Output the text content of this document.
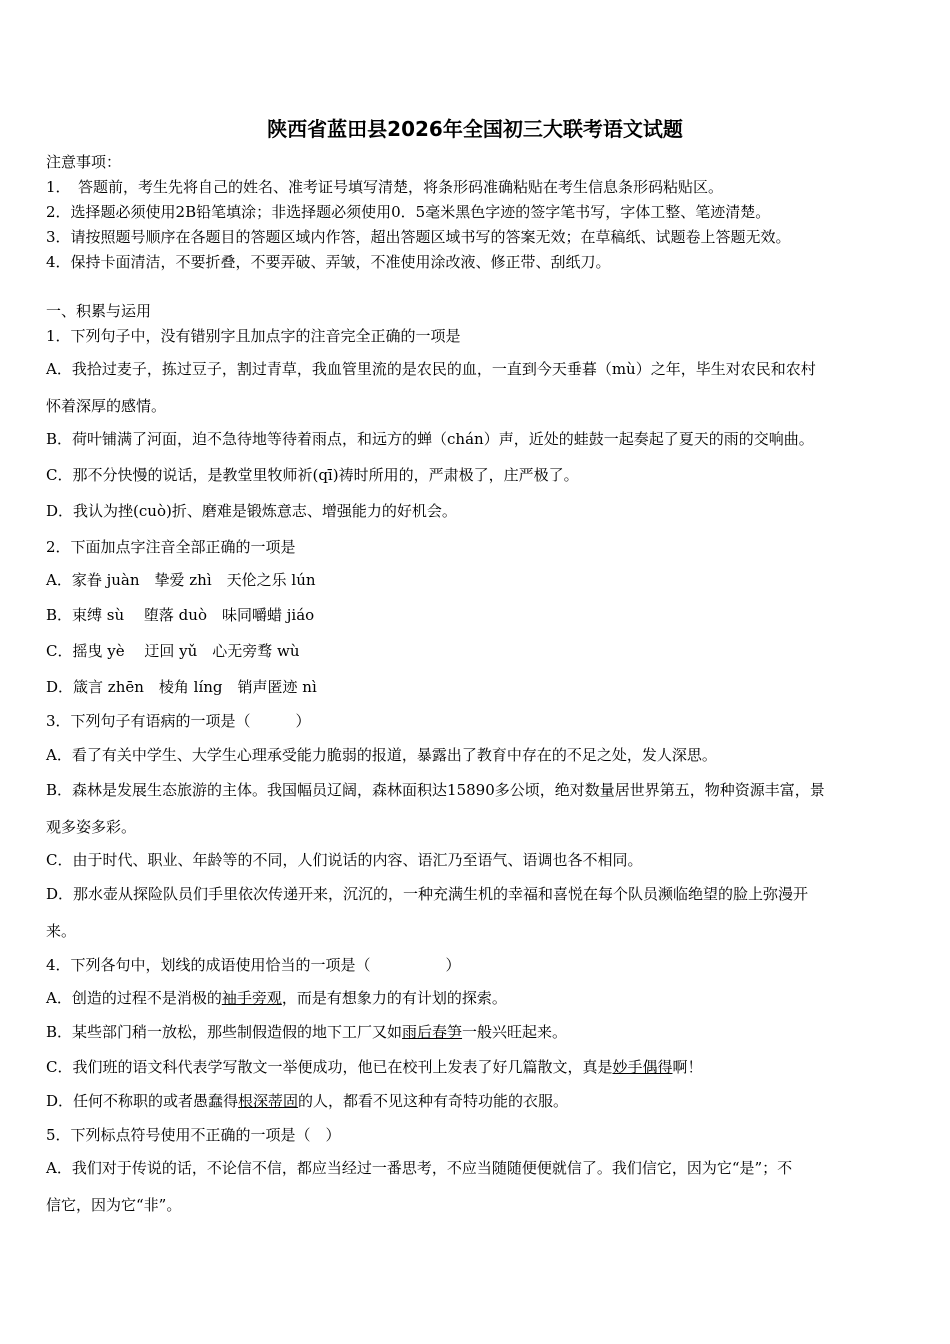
陕西省蓝田县2026年全国初三大联考语文试题
注意事项：
1．　答题前，考生先将自己的姓名、准考证号填写清楚，将条形码准确粘贴在考生信息条形码粘贴区。
2．选择题必须使用2B铅笔填涂；非选择题必须使用0．5毫米黑色字迹的签字笔书写，字体工整、笔迹清楚。
3．请按照题号顺序在各题目的答题区域内作答，超出答题区域书写的答案无效；在草稿纸、试题卷上答题无效。
4．保持卡面清洁，不要折叠，不要弄破、弄皱，不准使用涂改液、修正带、刮纸刀。
一、积累与运用
1．下列句子中，没有错别字且加点字的注音完全正确的一项是
A．我拾过麦子，拣过豆子，割过青草，我血管里流的是农民的血，一直到今天垂暮（mù）之年，毕生对农民和农村
怀着深厚的感情。
B．荷叶铺满了河面，迫不急待地等待着雨点，和远方的蝉（chán）声，近处的蛙鼓一起奏起了夏天的雨的交响曲。
C．那不分快慢的说话，是教堂里牧师祈(qī)祷时所用的，严肃极了，庄严极了。
D．我认为挫(cuò)折、磨难是锻炼意志、增强能力的好机会。
2．下面加点字注音全部正确的一项是
A．家眷 juàn　挚爱 zhì　天伦之乐 lún
B．束缚 sù　 堕落 duò　味同嚼蜡 jiáo
C．摇曳 yè　 迂回 yǔ　心无旁骛 wù
D．箴言 zhēn　棱角 líng　销声匿迹 nì
3．下列句子有语病的一项是（　　　）
A．看了有关中学生、大学生心理承受能力脆弱的报道，暴露出了教育中存在的不足之处，发人深思。
B．森林是发展生态旅游的主体。我国幅员辽阔，森林面积达15890多公顷，绝对数量居世界第五，物种资源丰富，景
观多姿多彩。
C．由于时代、职业、年龄等的不同，人们说话的内容、语汇乃至语气、语调也各不相同。
D．那水壶从探险队员们手里依次传递开来，沉沉的，一种充满生机的幸福和喜悦在每个队员濒临绝望的脸上弥漫开
来。
4．下列各句中，划线的成语使用恰当的一项是（　　　　　）
A．创造的过程不是消极的袖手旁观，而是有想象力的有计划的探索。
B．某些部门稍一放松，那些制假造假的地下工厂又如雨后春笋一般兴旺起来。
C．我们班的语文科代表学写散文一举便成功，他已在校刊上发表了好几篇散文，真是妙手偶得啊！
D．任何不称职的或者愚蠢得根深蒂固的人，都看不见这种有奇特功能的衣服。
5．下列标点符号使用不正确的一项是（　）
A．我们对于传说的话，不论信不信，都应当经过一番思考，不应当随随便便就信了。我们信它，因为它“是”；不
信它，因为它“非”。
